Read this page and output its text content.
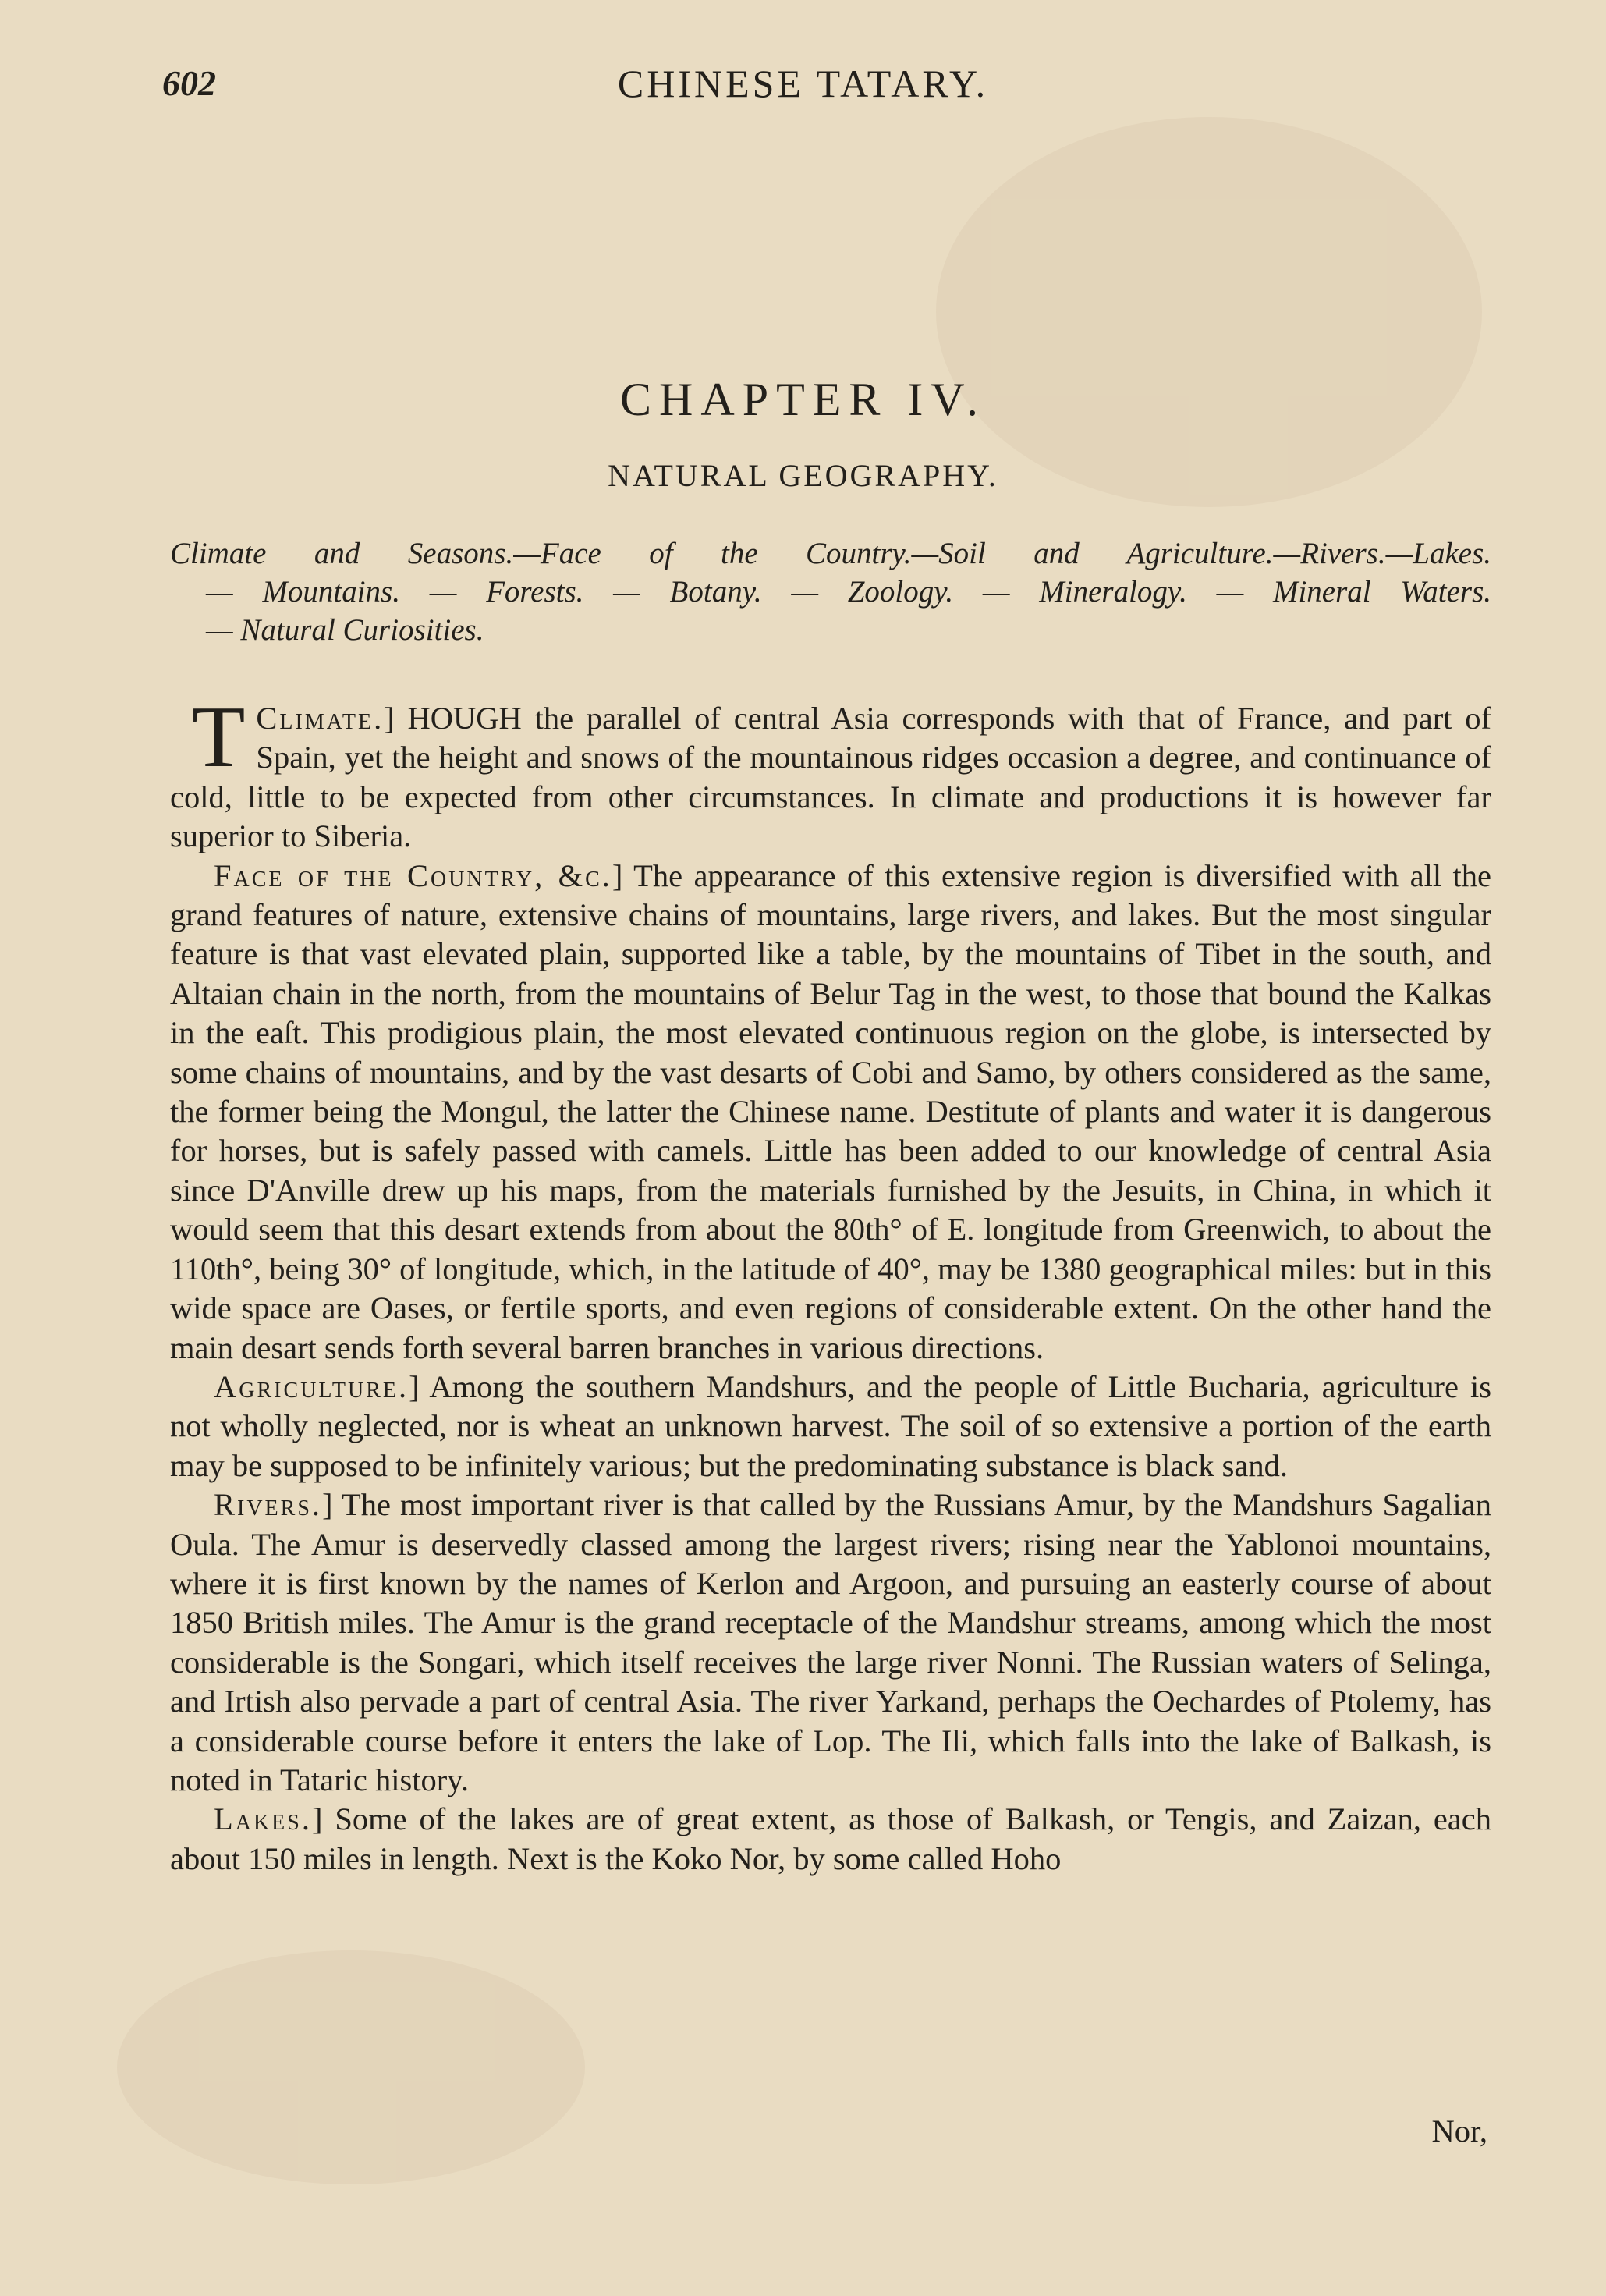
602	CHINESE TATARY.
CHAPTER IV.
NATURAL GEOGRAPHY.
Climate and Seasons.—Face of the Country.—Soil and Agriculture.—Rivers.—Lakes.
— Mountains. — Forests. — Botany. — Zoology. — Mineralogy. — Mineral Waters.
— Natural Curiosities.

Climate.]
T	HOUGH the parallel of central Asia corresponds with that of France, and part of Spain, yet the height and snows of the mountainous ridges occasion a degree, and continuance of cold, little to be expected from other circumstances. In climate and productions it is however far superior to Siberia.

Face of the Country, &c.] The appearance of this extensive region is diversified with all the grand features of nature, extensive chains of mountains, large rivers, and lakes. But the most singular feature is that vast elevated plain, supported like a table, by the mountains of Tibet in the south, and Altaian chain in the north, from the mountains of Belur Tag in the west, to those that bound the Kalkas in the eaſt. This prodigious plain, the most elevated continuous region on the globe, is intersected by some chains of mountains, and by the vast desarts of Cobi and Samo, by others considered as the same, the former being the Mongul, the latter the Chinese name. Destitute of plants and water it is dangerous for horses, but is safely passed with camels. Little has been added to our knowledge of central Asia since D'Anville drew up his maps, from the materials furnished by the Jesuits, in China, in which it would seem that this desart extends from about the 80th° of E. longitude from Greenwich, to about the 110th°, being 30° of longitude, which, in the latitude of 40°, may be 1380 geographical miles: but in this wide space are Oases, or fertile sports, and even regions of considerable extent. On the other hand the main desart sends forth several barren branches in various directions.

Agriculture.] Among the southern Mandshurs, and the people of Little Bucharia, agriculture is not wholly neglected, nor is wheat an unknown harvest. The soil of so extensive a portion of the earth may be supposed to be infinitely various; but the predominating substance is black sand.

Rivers.] The most important river is that called by the Russians Amur, by the Mandshurs Sagalian Oula. The Amur is deservedly classed among the largest rivers; rising near the Yablonoi mountains, where it is first known by the names of Kerlon and Argoon, and pursuing an easterly course of about 1850 British miles. The Amur is the grand receptacle of the Mandshur streams, among which the most considerable is the Songari, which itself receives the large river Nonni. The Russian waters of Selinga, and Irtish also pervade a part of central Asia. The river Yarkand, perhaps the Oechardes of Ptolemy, has a considerable course before it enters the lake of Lop. The Ili, which falls into the lake of Balkash, is noted in Tataric history.

Lakes.] Some of the lakes are of great extent, as those of Balkash, or Tengis, and Zaizan, each about 150 miles in length. Next is the Koko Nor, by some called Hoho

Nor,
